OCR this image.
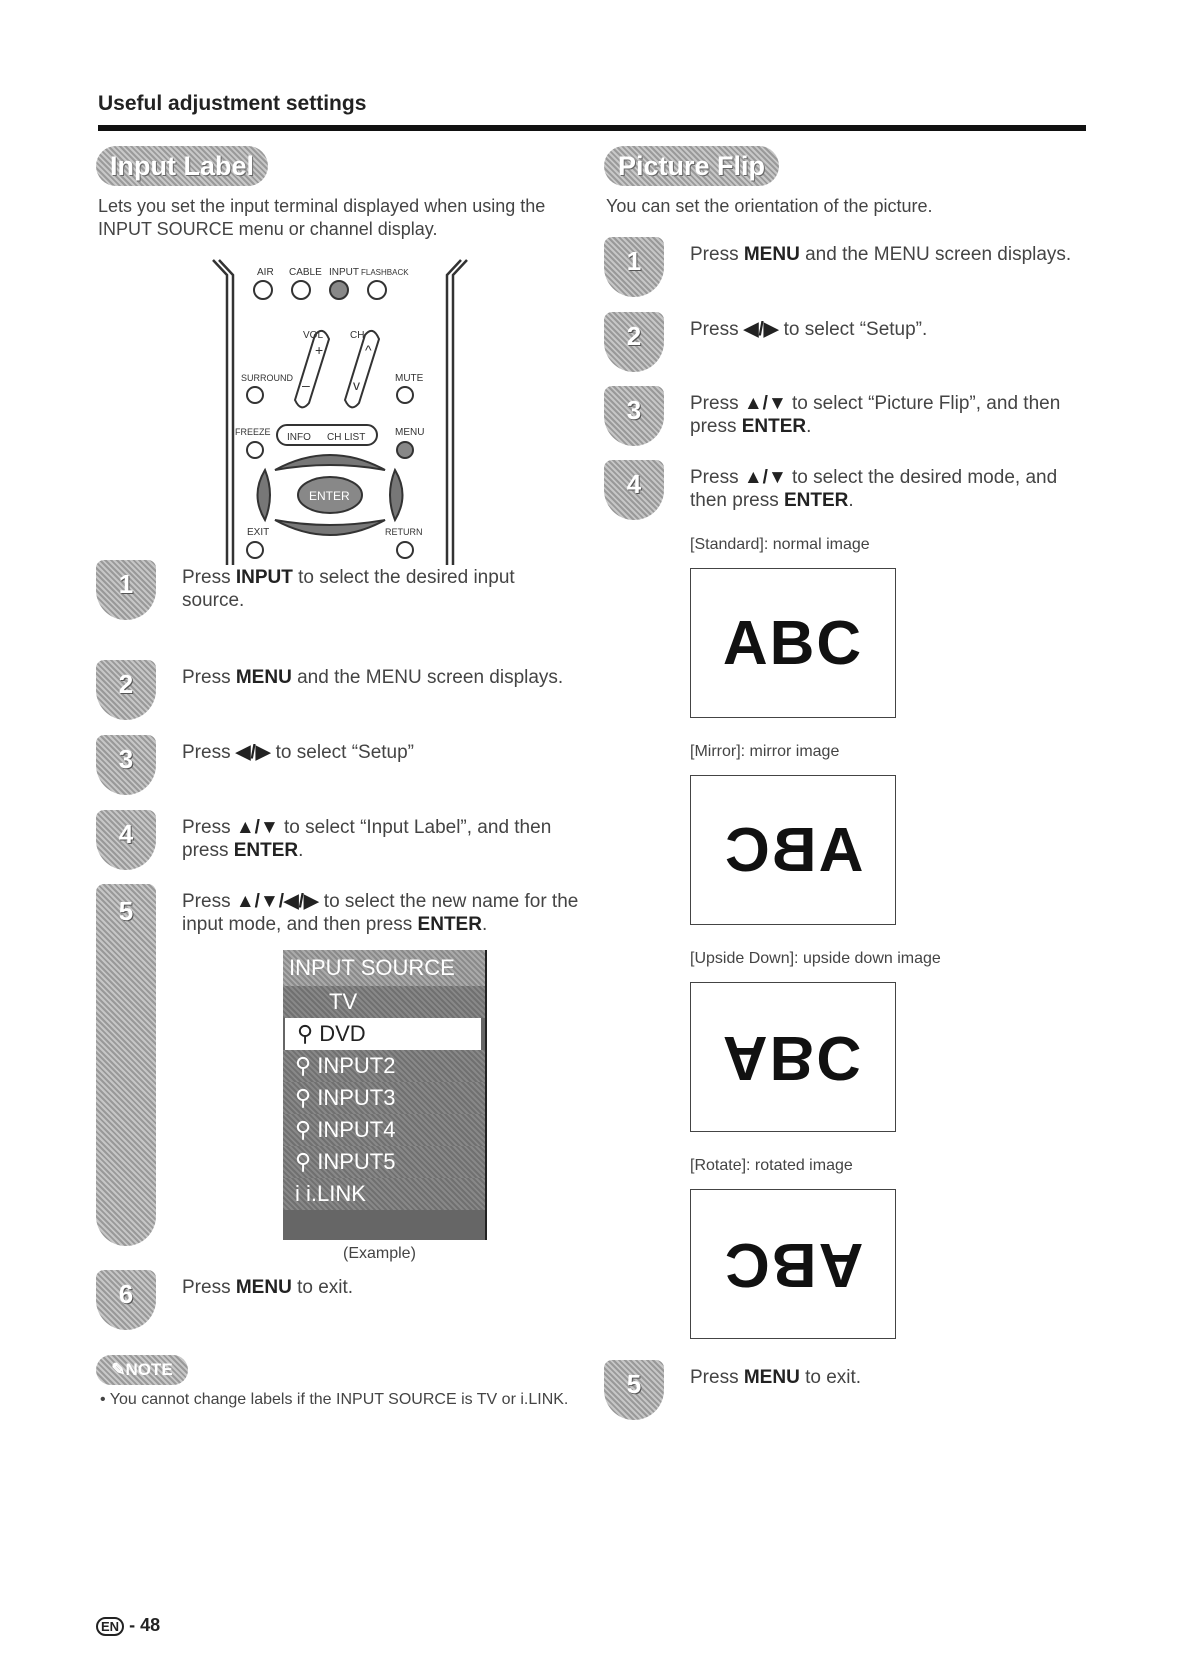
Useful adjustment settings
Input Label
Lets you set the input terminal displayed when using the INPUT SOURCE menu or channel display.
AIR CABLE INPUT FLASHBACK
VOL	CH
SURROUND	MUTE
FREEZE	MENU
EXIT	RETURN
+
–
^
v
INFO CH LIST
ENTER
1	Press INPUT to select the desired input source.
2	Press MENU and the MENU screen displays.
3	Press ◀/▶ to select “Setup”
4	Press ▲/▼ to select “Input Label”, and then press ENTER.
5	Press ▲/▼/◀/▶ to select the new name for the input mode, and then press ENTER.
INPUT SOURCE
TV
⚲ DVD
⚲ INPUT2
⚲ INPUT3
⚲ INPUT4
⚲ INPUT5
i i.LINK
(Example)
6	Press MENU to exit.
✎NOTE
• You cannot change labels if the INPUT SOURCE is TV or i.LINK.
Picture Flip
You can set the orientation of the picture.
1	Press MENU and the MENU screen displays.
2	Press ◀/▶ to select “Setup”.
3	Press ▲/▼ to select “Picture Flip”, and then press ENTER.
4	Press ▲/▼ to select the desired mode, and then press ENTER.
[Standard]: normal image
ABC
[Mirror]: mirror image
ABC
[Upside Down]: upside down image
ABC
[Rotate]: rotated image
ABC
5	Press MENU to exit.
EN - 48
